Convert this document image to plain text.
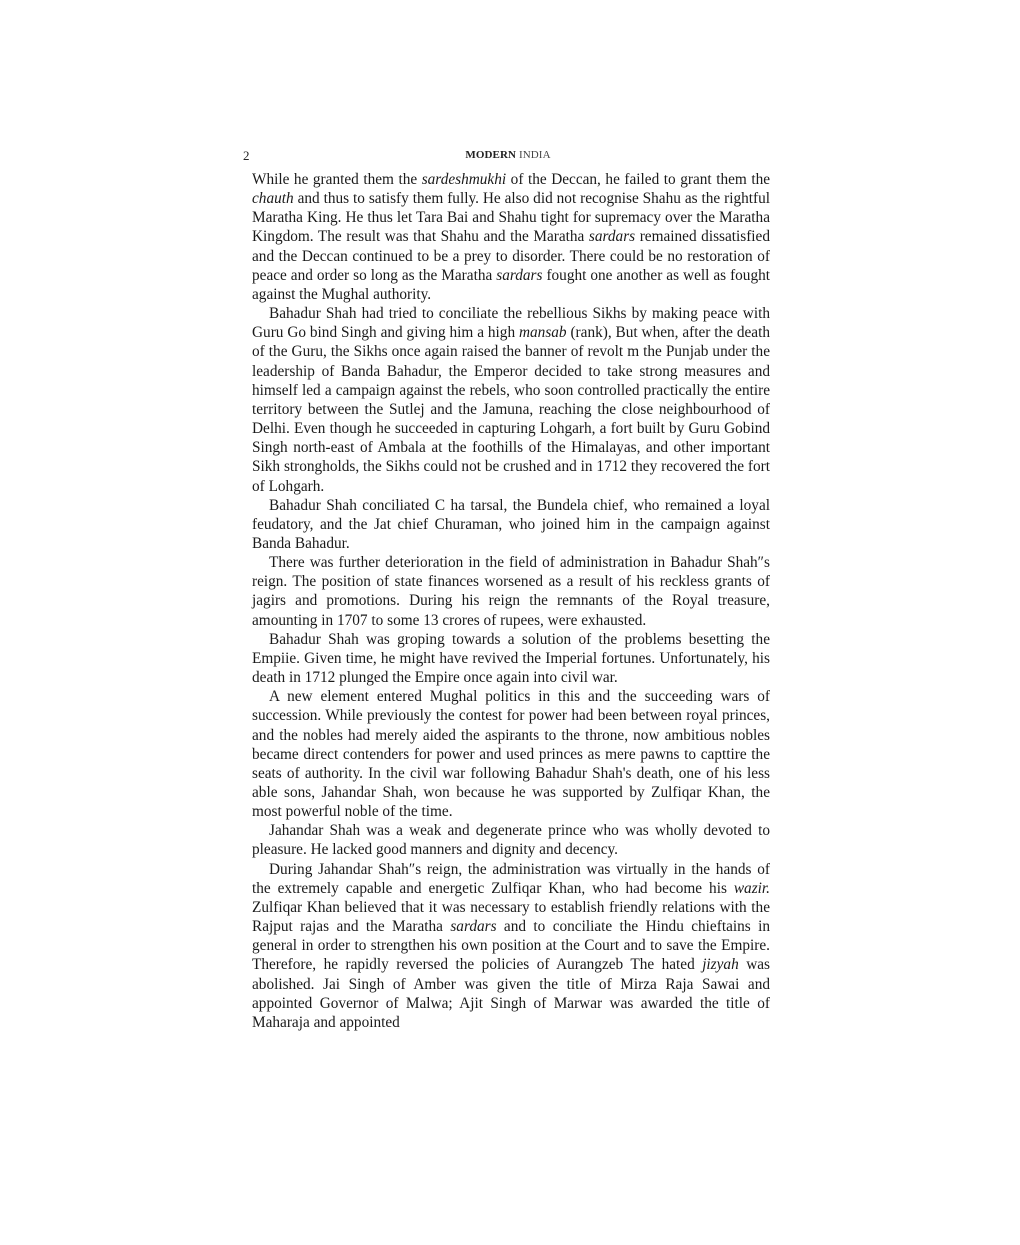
2	MODERN INDIA

While he granted them the sardeshmukhi of the Deccan, he failed to grant them the chauth and thus to satisfy them fully. He also did not recognise Shahu as the rightful Maratha King. He thus let Tara Bai and Shahu tight for supremacy over the Maratha Kingdom. The result was that Shahu and the Maratha sardars remained dissatisfied and the Deccan continued to be a prey to disorder. There could be no restoration of peace and order so long as the Maratha sardars fought one another as well as fought against the Mughal authority.

Bahadur Shah had tried to conciliate the rebellious Sikhs by making peace with Guru Go bind Singh and giving him a high mansab (rank), But when, after the death of the Guru, the Sikhs once again raised the banner of revolt m the Punjab under the leadership of Banda Bahadur, the Emperor decided to take strong measures and himself led a campaign against the rebels, who soon controlled practically the entire territory between the Sutlej and the Jamuna, reaching the close neighbourhood of Delhi. Even though he succeeded in capturing Lohgarh, a fort built by Guru Gobind Singh north-east of Ambala at the foothills of the Himalayas, and other important Sikh strongholds, the Sikhs could not be crushed and in 1712 they recovered the fort of Lohgarh.

Bahadur Shah conciliated C ha tarsal, the Bundela chief, who remained a loyal feudatory, and the Jat chief Churaman, who joined him in the campaign against Banda Bahadur.

There was further deterioration in the field of administration in Bahadur Shah″s reign. The position of state finances worsened as a result of his reckless grants of jagirs and promotions. During his reign the remnants of the Royal treasure, amounting in 1707 to some 13 crores of rupees, were exhausted.

Bahadur Shah was groping towards a solution of the problems besetting the Empiie. Given time, he might have revived the Imperial fortunes. Unfortunately, his death in 1712 plunged the Empire once again into civil war.

A new element entered Mughal politics in this and the succeeding wars of succession. While previously the contest for power had been between royal princes, and the nobles had merely aided the aspirants to the throne, now ambitious nobles became direct contenders for power and used princes as mere pawns to capttire the seats of authority. In the civil war following Bahadur Shah's death, one of his less able sons, Jahandar Shah, won because he was supported by Zulfiqar Khan, the most powerful noble of the time.

Jahandar Shah was a weak and degenerate prince who was wholly devoted to pleasure. He lacked good manners and dignity and decency.

During Jahandar Shah″s reign, the administration was virtually in the hands of the extremely capable and energetic Zulfiqar Khan, who had become his wazir. Zulfiqar Khan believed that it was necessary to establish friendly relations with the Rajput rajas and the Maratha sardars and to conciliate the Hindu chieftains in general in order to strengthen his own position at the Court and to save the Empire. Therefore, he rapidly reversed the policies of Aurangzeb The hated jizyah was abolished. Jai Singh of Amber was given the title of Mirza Raja Sawai and appointed Governor of Malwa; Ajit Singh of Marwar was awarded the title of Maharaja and appointed
